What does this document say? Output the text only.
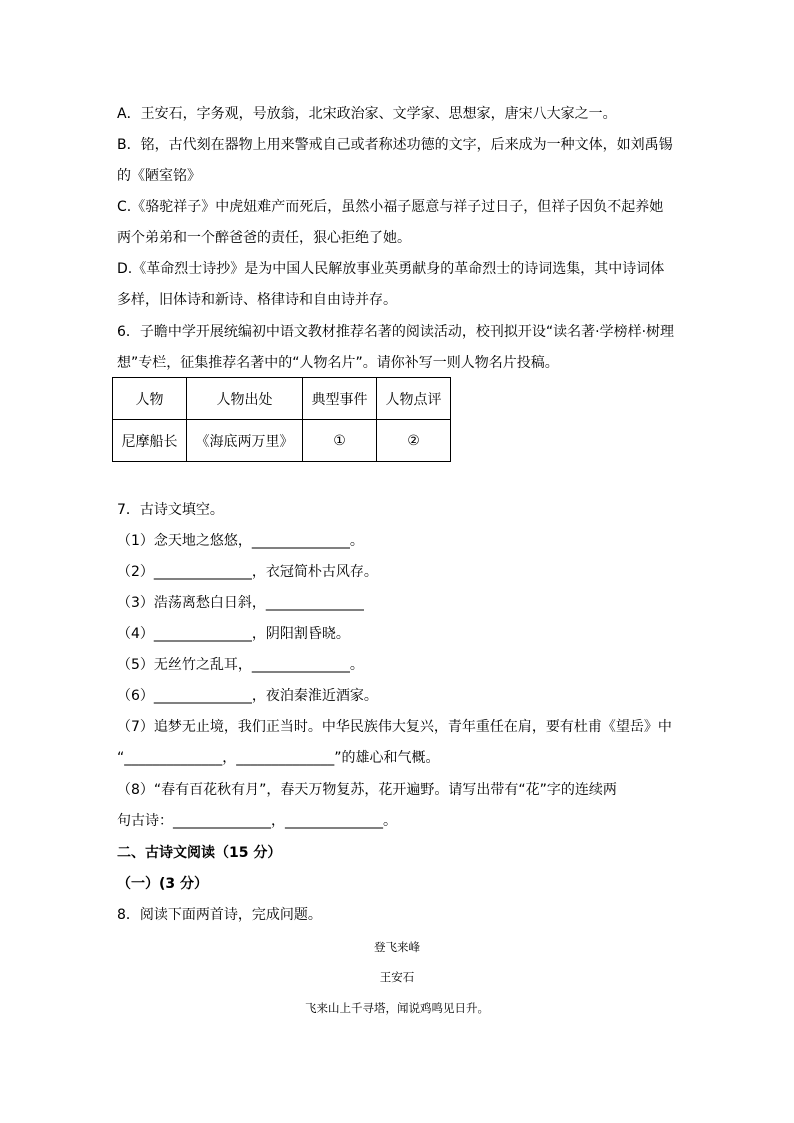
A．王安石，字务观，号放翁，北宋政治家、文学家、思想家，唐宋八大家之一。
B．铭，古代刻在器物上用来警戒自己或者称述功德的文字，后来成为一种文体，如刘禹锡
的《陋室铭》
C.《骆驼祥子》中虎妞难产而死后，虽然小福子愿意与祥子过日子，但祥子因负不起养她
两个弟弟和一个醉爸爸的责任，狠心拒绝了她。
D.《革命烈士诗抄》是为中国人民解放事业英勇献身的革命烈士的诗词选集，其中诗词体
多样，旧体诗和新诗、格律诗和自由诗并存。
6．子瞻中学开展统编初中语文教材推荐名著的阅读活动，校刊拟开设“读名著·学榜样·树理
想”专栏，征集推荐名著中的“人物名片”。请你补写一则人物名片投稿。
人物	人物出处	典型事件	人物点评
尼摩船长	《海底两万里》	①	②
7．古诗文填空。
（1）念天地之悠悠，______________。
（2）______________，衣冠简朴古风存。
（3）浩荡离愁白日斜，______________
（4）______________，阴阳割昏晓。
（5）无丝竹之乱耳，______________。
（6）______________，夜泊秦淮近酒家。
（7）追梦无止境，我们正当时。中华民族伟大复兴，青年重任在肩，要有杜甫《望岳》中
“______________，______________”的雄心和气概。
（8）“春有百花秋有月”，春天万物复苏，花开遍野。请写出带有“花”字的连续两
句古诗：______________，______________。
二、古诗文阅读（15 分）
（一）(3 分）
8．阅读下面两首诗，完成问题。
登飞来峰
王安石
飞来山上千寻塔，闻说鸡鸣见日升。
